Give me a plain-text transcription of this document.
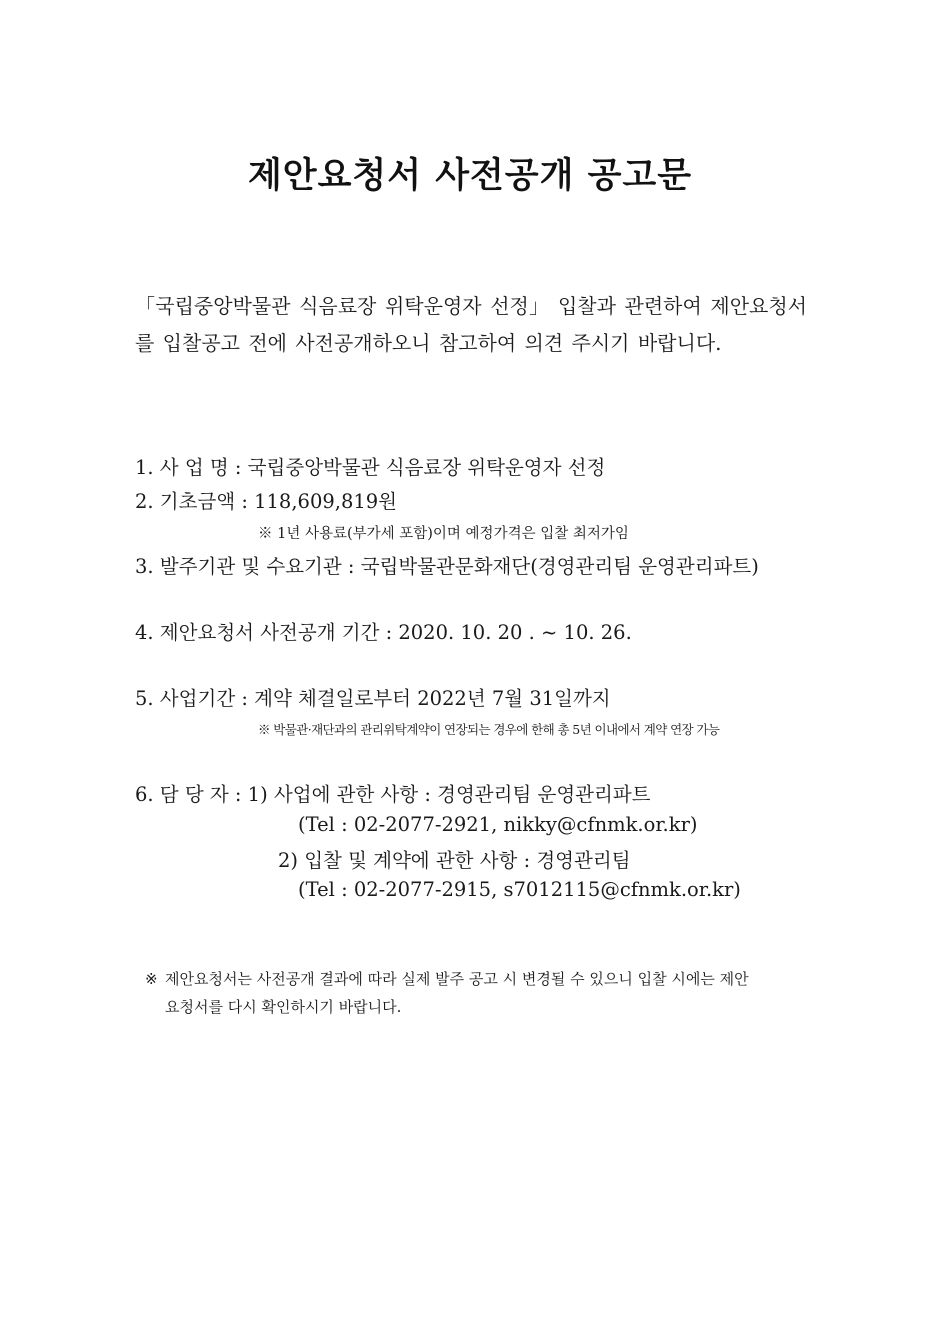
제안요청서 사전공개 공고문
「국립중앙박물관 식음료장 위탁운영자 선정」 입찰과 관련하여 제안요청서를 입찰공고 전에 사전공개하오니 참고하여 의견 주시기 바랍니다.
1. 사 업 명 : 국립중앙박물관 식음료장 위탁운영자 선정
2. 기초금액 : 118,609,819원
※ 1년 사용료(부가세 포함)이며 예정가격은 입찰 최저가임
3. 발주기관 및 수요기관 : 국립박물관문화재단(경영관리팀 운영관리파트)
4. 제안요청서 사전공개 기간 : 2020. 10. 20 . ~ 10. 26.
5. 사업기간 : 계약 체결일로부터 2022년 7월 31일까지
※ 박물관·재단과의 관리위탁계약이 연장되는 경우에 한해 총 5년 이내에서 계약 연장 가능
6. 담 당 자 : 1) 사업에 관한 사항 : 경영관리팀 운영관리파트
(Tel : 02-2077-2921, nikky@cfnmk.or.kr)
2) 입찰 및 계약에 관한 사항 : 경영관리팀
(Tel : 02-2077-2915, s7012115@cfnmk.or.kr)
※ 제안요청서는 사전공개 결과에 따라 실제 발주 공고 시 변경될 수 있으니 입찰 시에는 제안
요청서를 다시 확인하시기 바랍니다.
